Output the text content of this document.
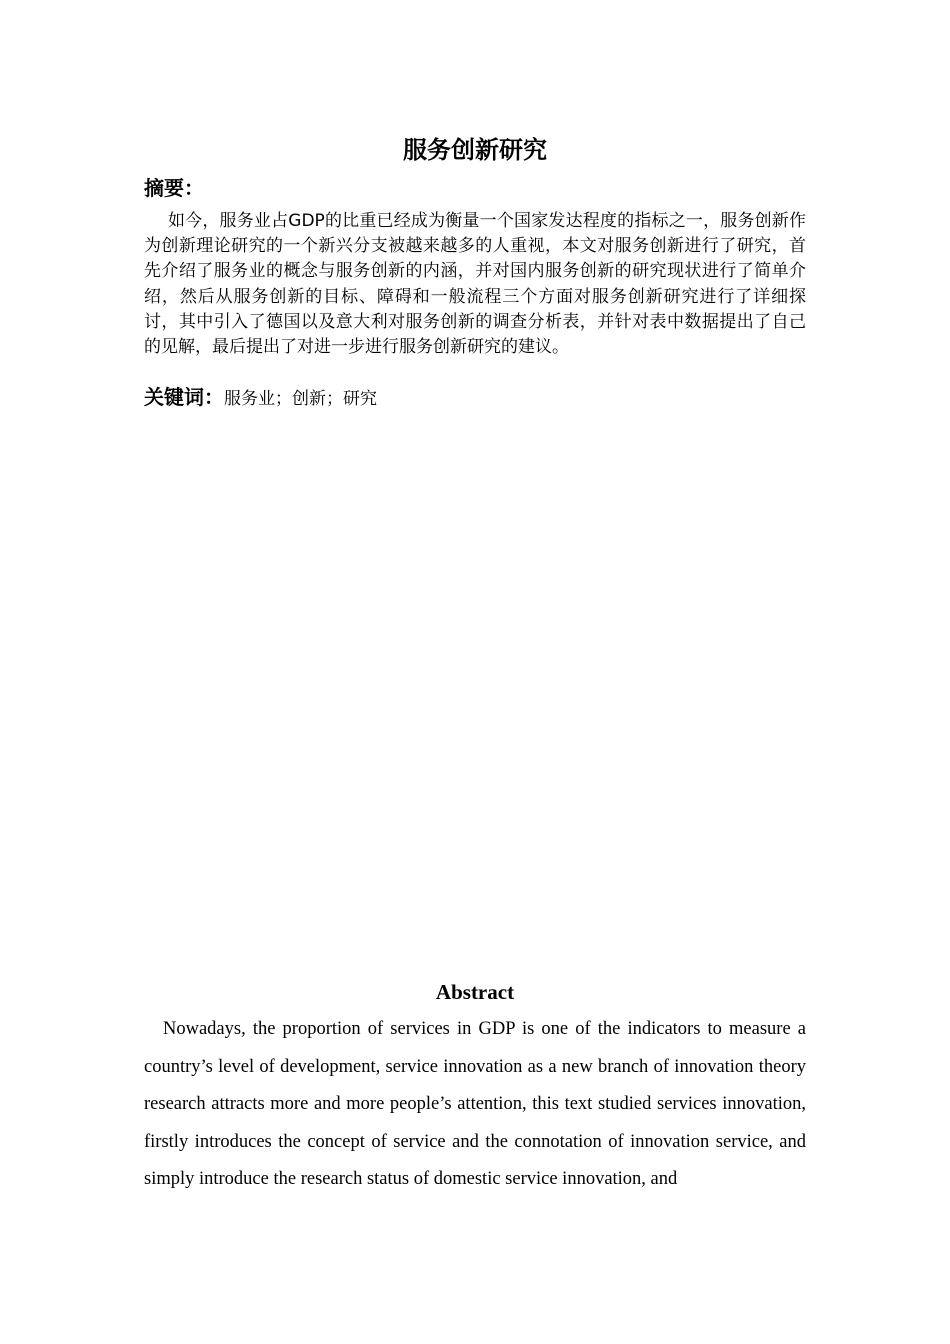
服务创新研究
摘要：

如今，服务业占GDP的比重已经成为衡量一个国家发达程度的指标之一，服务创新作为创新理论研究的一个新兴分支被越来越多的人重视，本文对服务创新进行了研究，首先介绍了服务业的概念与服务创新的内涵，并对国内服务创新的研究现状进行了简单介绍，然后从服务创新的目标、障碍和一般流程三个方面对服务创新研究进行了详细探讨，其中引入了德国以及意大利对服务创新的调查分析表，并针对表中数据提出了自己的见解，最后提出了对进一步进行服务创新研究的建议。

关键词：服务业；创新；研究
Abstract

Nowadays, the proportion of services in GDP is one of the indicators to measure a country’s level of development, service innovation as a new branch of innovation theory research attracts more and more people’s attention, this text studied services innovation, firstly introduces the concept of service and the connotation of innovation service, and simply introduce the research status of domestic service innovation, and
